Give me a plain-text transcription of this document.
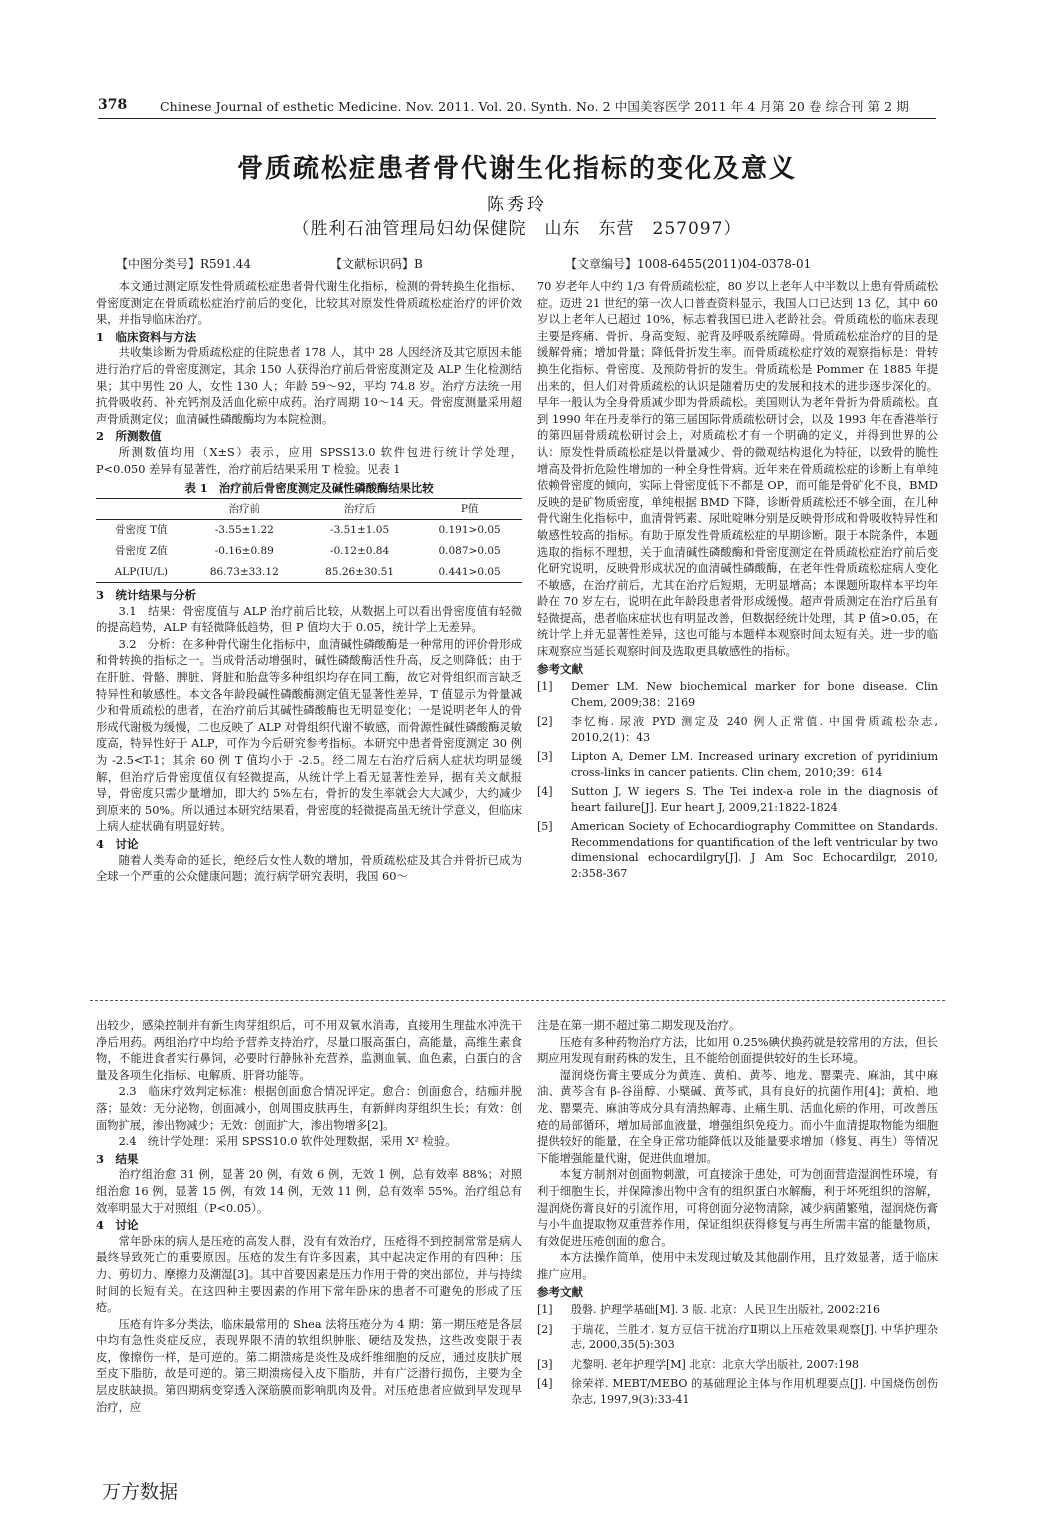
378	Chinese Journal of esthetic Medicine. Nov. 2011. Vol. 20. Synth. No. 2 中国美容医学 2011 年 4 月第 20 卷 综合刊 第 2 期
骨质疏松症患者骨代谢生化指标的变化及意义
陈秀玲
（胜利石油管理局妇幼保健院　山东　东营　257097）
【中图分类号】R591.44	【文献标识码】B	【文章编号】1008-6455(2011)04-0378-01

本文通过测定原发性骨质疏松症患者骨代谢生化指标，检测的骨转换生化指标、骨密度测定在骨质疏松症治疗前后的变化，比较其对原发性骨质疏松症治疗的评价效果，并指导临床治疗。

1　临床资料与方法

共收集诊断为骨质疏松症的住院患者 178 人，其中 28 人因经济及其它原因未能进行治疗后的骨密度测定，其余 150 人获得治疗前后骨密度测定及 ALP 生化检测结果；其中男性 20 人，女性 130 人；年龄 59～92，平均 74.8 岁。治疗方法统一用抗骨吸收药、补充钙剂及活血化瘀中成药。治疗周期 10～14 天。骨密度测量采用超声骨质测定仪；血清碱性磷酸酶均为本院检测。

2　所测数值

所测数值均用（X±S）表示，应用 SPSS13.0 软件包进行统计学处理，P<0.050 差异有显著性，治疗前后结果采用 T 检验。见表 1

表 1　治疗前后骨密度测定及碱性磷酸酶结果比较
	治疗前	治疗后	P值
骨密度 T值	-3.55±1.22	-3.51±1.05	0.191>0.05
骨密度 Z值	-0.16±0.89	-0.12±0.84	0.087>0.05
ALP(IU/L)	86.73±33.12	85.26±30.51	0.441>0.05
3　统计结果与分析

3.1　结果：骨密度值与 ALP 治疗前后比较，从数据上可以看出骨密度值有轻微的提高趋势，ALP 有轻微降低趋势，但 P 值均大于 0.05，统计学上无差异。

3.2　分析：在多种骨代谢生化指标中，血清碱性磷酸酶是一种常用的评价骨形成和骨转换的指标之一。当成骨活动增强时，碱性磷酸酶活性升高，反之则降低；由于在肝脏、骨骼、脾脏、肾脏和胎盘等多种组织均存在同工酶，故它对骨组织而言缺乏特异性和敏感性。本文各年龄段碱性磷酸酶测定值无显著性差异，T 值显示为骨量减少和骨质疏松的患者，在治疗前后其碱性磷酸酶也无明显变化；一是说明老年人的骨形成代谢极为缓慢，二也反映了 ALP 对骨组织代谢不敏感，而骨源性碱性磷酸酶灵敏度高，特异性好于 ALP，可作为今后研究参考指标。本研究中患者骨密度测定 30 例为 -2.5<T-1；其余 60 例 T 值均小于 -2.5。经二周左右治疗后病人症状均明显缓解，但治疗后骨密度值仅有轻微提高，从统计学上看无显著性差异，据有关文献报导，骨密度只需少量增加，即大约 5%左右，骨折的发生率就会大大减少，大约减少到原来的 50%。所以通过本研究结果看，骨密度的轻微提高虽无统计学意义，但临床上病人症状确有明显好转。

4　讨论

随着人类寿命的延长，绝经后女性人数的增加，骨质疏松症及其合并骨折已成为全球一个严重的公众健康问题；流行病学研究表明，我国 60～

70 岁老年人中约 1/3 有骨质疏松症，80 岁以上老年人中半数以上患有骨质疏松症。迈进 21 世纪的第一次人口普查资料显示，我国人口已达到 13 亿，其中 60 岁以上老年人已超过 10%，标志着我国已进入老龄社会。骨质疏松的临床表现主要是疼痛、骨折、身高变短、驼背及呼吸系统障碍。骨质疏松症治疗的目的是缓解骨痛；增加骨量；降低骨折发生率。而骨质疏松症疗效的观察指标是：骨转换生化指标、骨密度、及预防骨折的发生。骨质疏松是 Pommer 在 1885 年提出来的，但人们对骨质疏松的认识是随着历史的发展和技术的进步逐步深化的。早年一般认为全身骨质减少即为骨质疏松。美国则认为老年骨折为骨质疏松。直到 1990 年在丹麦举行的第三届国际骨质疏松研讨会，以及 1993 年在香港举行的第四届骨质疏松研讨会上，对质疏松才有一个明确的定义，并得到世界的公认：原发性骨质疏松症是以骨量减少、骨的微观结构退化为特征，以致骨的脆性增高及骨折危险性增加的一种全身性骨病。近年来在骨质疏松症的诊断上有单纯依赖骨密度的倾向，实际上骨密度低下不都是 OP，而可能是骨矿化不良，BMD 反映的是矿物质密度，单纯根据 BMD 下降，诊断骨质疏松还不够全面，在儿种骨代谢生化指标中，血清骨钙素、尿吡啶啉分别是反映骨形成和骨吸收特异性和敏感性较高的指标。有助于原发性骨质疏松症的早期诊断。限于本院条件，本题选取的指标不理想，关于血清碱性磷酸酶和骨密度测定在骨质疏松症治疗前后变化研究说明，反映骨形成状况的血清碱性磷酸酶，在老年性骨质疏松症病人变化不敏感，在治疗前后，尤其在治疗后短期，无明显增高；本课题所取样本平均年龄在 70 岁左右，说明在此年龄段患者骨形成缓慢。超声骨质测定在治疗后虽有轻微提高，患者临床症状也有明显改善，但数据经统计处理，其 P 值>0.05，在统计学上并无显著性差异，这也可能与本题样本观察时间太短有关。进一步的临床观察应当延长观察时间及选取更具敏感性的指标。

参考文献
[1] Demer LM. New biochemical marker for bone disease. Clin Chem, 2009;38：2169
[2] 李忆梅. 尿液 PYD 测定及 240 例人正常值. 中国骨质疏松杂志, 2010,2(1)：43
[3] Lipton A, Demer LM. Increased urinary excretion of pyridinium cross-links in cancer patients. Clin chem, 2010;39：614
[4] Sutton J, W iegers S. The Tei index-a role in the diagnosis of heart failure[J]. Eur heart J, 2009,21:1822-1824
[5] American Society of Echocardiography Committee on Standards. Recommendations for quantification of the left ventricular by two dimensional echocardilgry[J]. J Am Soc Echocardilgr, 2010, 2:358-367

出较少，感染控制并有新生肉芽组织后，可不用双氧水消毒，直接用生理盐水冲洗干净后用药。两组治疗中均给予营养支持治疗，尽量口服高蛋白，高能量，高维生素食物，不能进食者实行鼻饲，必要时行静脉补充营养，监测血氧、血色素，白蛋白的含量及各项生化指标、电解质、肝肾功能等。

2.3　临床疗效判定标准：根据创面愈合情况评定。愈合：创面愈合，结痂并脱落；显效：无分泌物，创面减小，创周围皮肤再生，有新鲜肉芽组织生长；有效：创面物扩展，渗出物减少；无效：创面扩大，渗出物增多[2]。

2.4　统计学处理：采用 SPSS10.0 软件处理数据，采用 X² 检验。

3　结果

治疗组治愈 31 例，显著 20 例，有效 6 例，无效 1 例，总有效率 88%；对照组治愈 16 例，显著 15 例，有效 14 例，无效 11 例，总有效率 55%。治疗组总有效率明显大于对照组（P<0.05）。

4　讨论

常年卧床的病人是压疮的高发人群，没有有效治疗，压疮得不到控制常常是病人最终导致死亡的重要原因。压疮的发生有许多因素，其中起决定作用的有四种：压力、剪切力、摩擦力及潮湿[3]。其中首要因素是压力作用于骨的突出部位，并与持续时间的长短有关。在这四种主要因素的作用下常年卧床的患者不可避免的形成了压疮。

压疮有许多分类法，临床最常用的 Shea 法将压疮分为 4 期：第一期压疮是各层中均有急性炎症反应，表现界限不清的软组织肿胀、硬结及发热，这些改变限于表皮，像擦伤一样，是可逆的。第二期溃疡是炎性及成纤维细胞的反应，通过皮肤扩展至皮下脂肪，故是可逆的。第三期溃疡侵入皮下脂肪，并有广泛潜行损伤，主要为全层皮肤缺损。第四期病变穿透入深筋膜而影响肌肉及骨。对压疮患者应做到早发现早治疗，应

注是在第一期不超过第二期发现及治疗。

压疮有多种药物治疗方法，比如用 0.25%碘伏换药就是较常用的方法，但长期应用发现有耐药株的发生，且不能给创面提供较好的生长环境。

湿润烧伤膏主要成分为黄连、黄柏、黄芩、地龙、罂粟壳、麻油，其中麻油、黄芩含有 β-谷甾醇、小檗碱、黄芩甙，具有良好的抗菌作用[4]；黄柏、地龙、罂粟壳、麻油等成分具有清热解毒、止痛生肌、活血化瘀的作用，可改善压疮的局部循环，增加局部血液量，增强组织免疫力。而小牛血清提取物能为细胞提供较好的能量，在全身正常功能降低以及能量要求增加（修复、再生）等情况下能增强能量代谢，促进供血增加。

本复方制剂对创面物刺激，可直接涂于患处，可为创面营造湿润性环境，有利于细胞生长，并保障渗出物中含有的组织蛋白水解酶，利于坏死组织的溶解，湿润烧伤膏良好的引流作用，可将创面分泌物清除，减少病菌繁殖，湿润烧伤膏与小牛血提取物双重营养作用，保证组织获得修复与再生所需丰富的能量物质，有效促进压疮创面的愈合。

本方法操作简单，使用中未发现过敏及其他副作用，且疗效显著，适于临床推广应用。

参考文献
[1] 殷磐. 护理学基础[M]. 3 版. 北京：人民卫生出版社, 2002:216
[2] 于瑞花，兰胜才. 复方豆信干扰治疗Ⅱ期以上压疮效果观察[J]. 中华护理杂志, 2000,35(5):303
[3] 尤黎明. 老年护理学[M] 北京：北京大学出版社, 2007:198
[4] 徐荣祥. MEBT/MEBO 的基础理论主体与作用机理要点[J]. 中国烧伤创伤杂志, 1997,9(3):33-41
万方数据
